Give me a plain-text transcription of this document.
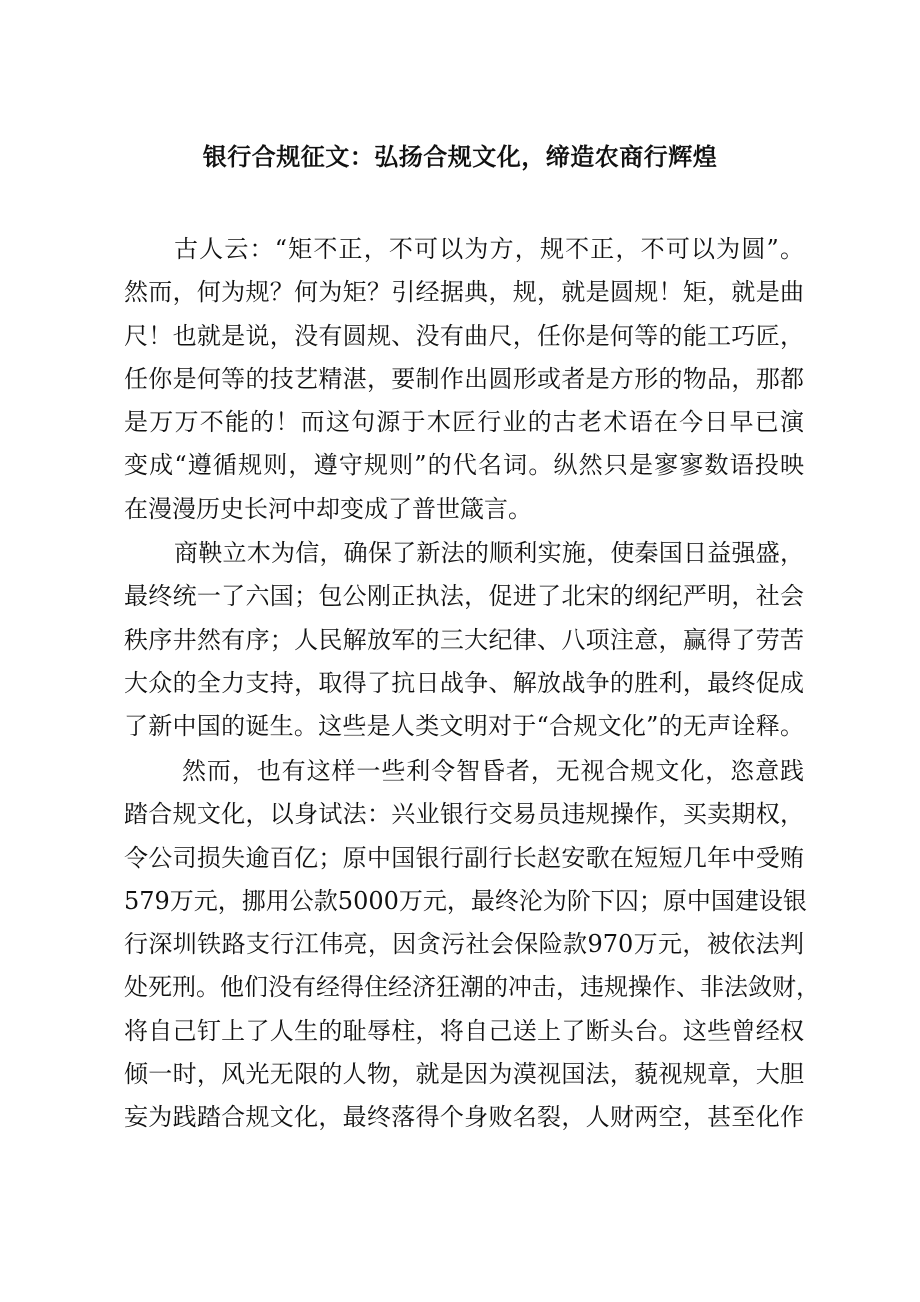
银行合规征文：弘扬合规文化，缔造农商行辉煌
古人云：“矩不正，不可以为方，规不正，不可以为圆”。
然而，何为规？何为矩？引经据典，规，就是圆规！矩，就是曲
尺！也就是说，没有圆规、没有曲尺，任你是何等的能工巧匠，
任你是何等的技艺精湛，要制作出圆形或者是方形的物品，那都
是万万不能的！而这句源于木匠行业的古老术语在今日早已演
变成“遵循规则，遵守规则”的代名词。纵然只是寥寥数语投映
在漫漫历史长河中却变成了普世箴言。
商鞅立木为信，确保了新法的顺利实施，使秦国日益强盛，
最终统一了六国；包公刚正执法，促进了北宋的纲纪严明，社会
秩序井然有序；人民解放军的三大纪律、八项注意，赢得了劳苦
大众的全力支持，取得了抗日战争、解放战争的胜利，最终促成
了新中国的诞生。这些是人类文明对于“合规文化”的无声诠释。
然而，也有这样一些利令智昏者，无视合规文化，恣意践
踏合规文化，以身试法：兴业银行交易员违规操作，买卖期权，
令公司损失逾百亿；原中国银行副行长赵安歌在短短几年中受贿
579万元，挪用公款5000万元，最终沦为阶下囚；原中国建设银
行深圳铁路支行江伟亮，因贪污社会保险款970万元，被依法判
处死刑。他们没有经得住经济狂潮的冲击，违规操作、非法敛财，
将自己钉上了人生的耻辱柱，将自己送上了断头台。这些曾经权
倾一时，风光无限的人物，就是因为漠视国法，藐视规章，大胆
妄为践踏合规文化，最终落得个身败名裂，人财两空，甚至化作
